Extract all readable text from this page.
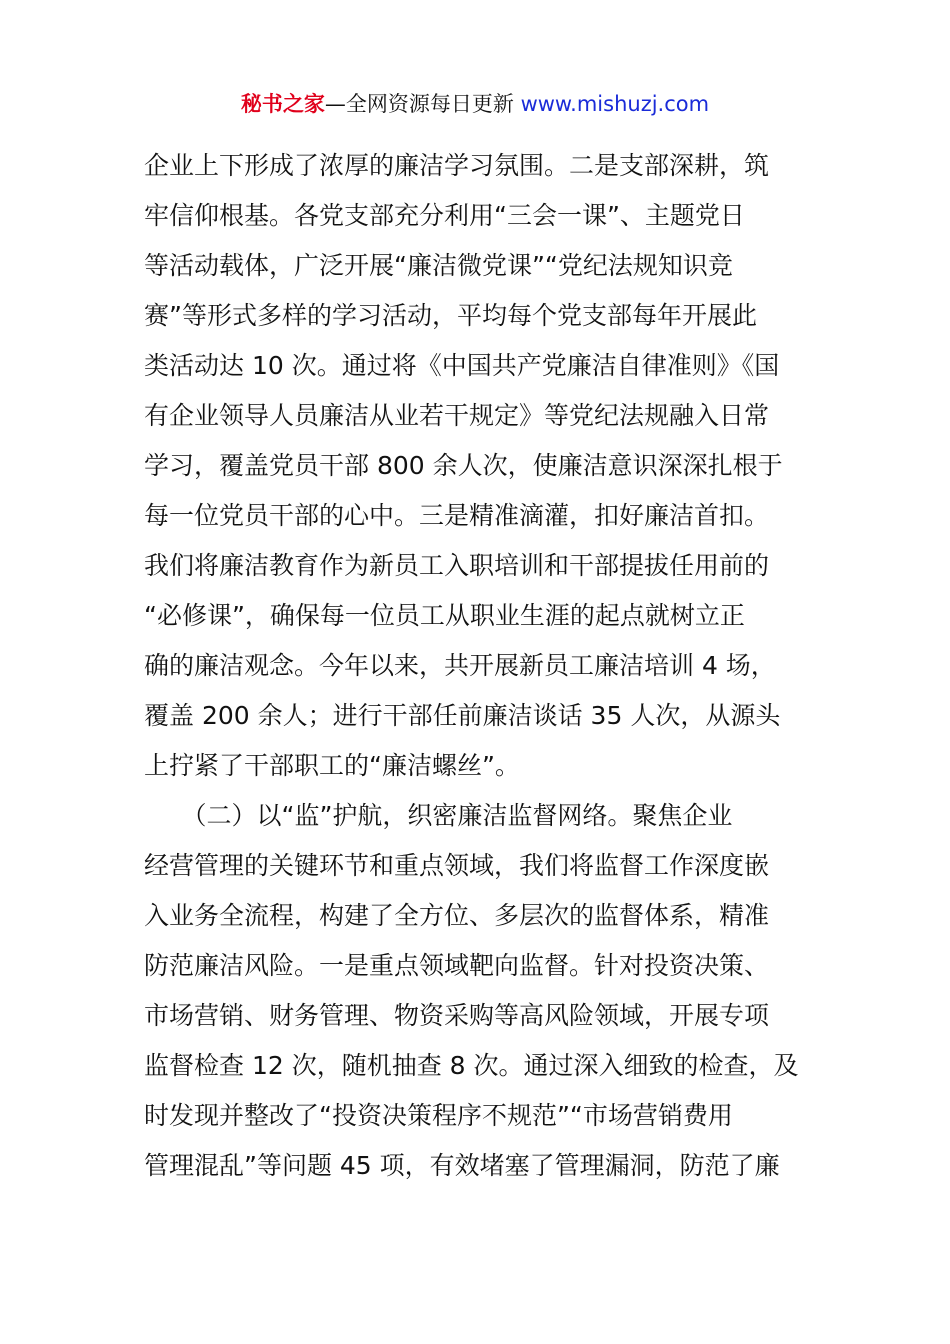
秘书之家—全网资源每日更新 www.mishuzj.com
企业上下形成了浓厚的廉洁学习氛围。二是支部深耕，筑
牢信仰根基。各党支部充分利用“三会一课”、主题党日
等活动载体，广泛开展“廉洁微党课”“党纪法规知识竞
赛”等形式多样的学习活动，平均每个党支部每年开展此
类活动达 10 次。通过将《中国共产党廉洁自律准则》《国
有企业领导人员廉洁从业若干规定》等党纪法规融入日常
学习，覆盖党员干部 800 余人次，使廉洁意识深深扎根于
每一位党员干部的心中。三是精准滴灌，扣好廉洁首扣。
我们将廉洁教育作为新员工入职培训和干部提拔任用前的
“必修课”，确保每一位员工从职业生涯的起点就树立正
确的廉洁观念。今年以来，共开展新员工廉洁培训 4 场，
覆盖 200 余人；进行干部任前廉洁谈话 35 人次，从源头
上拧紧了干部职工的“廉洁螺丝”。
　　（二）以“监”护航，织密廉洁监督网络。聚焦企业
经营管理的关键环节和重点领域，我们将监督工作深度嵌
入业务全流程，构建了全方位、多层次的监督体系，精准
防范廉洁风险。一是重点领域靶向监督。针对投资决策、
市场营销、财务管理、物资采购等高风险领域，开展专项
监督检查 12 次，随机抽查 8 次。通过深入细致的检查，及
时发现并整改了“投资决策程序不规范”“市场营销费用
管理混乱”等问题 45 项，有效堵塞了管理漏洞，防范了廉
